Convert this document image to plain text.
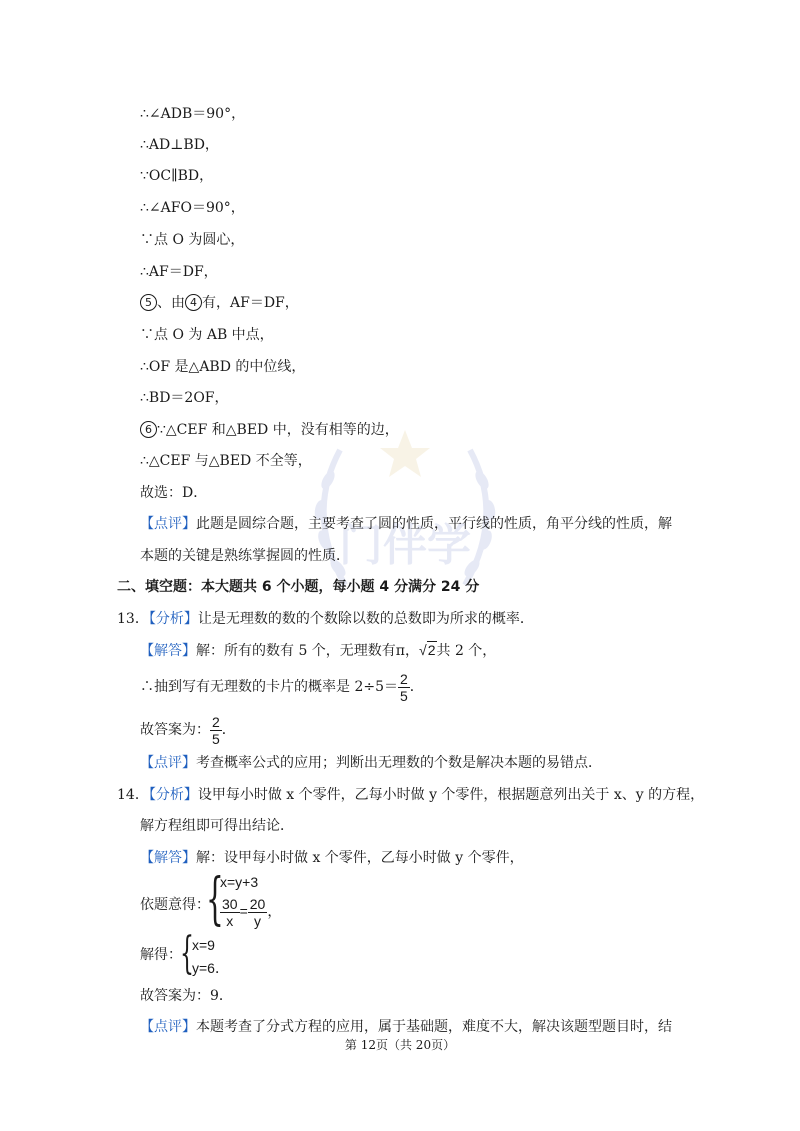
门伴学
∴∠ADB＝90°，
∴AD⊥BD，
∵OC∥BD，
∴∠AFO＝90°，
∵点 O 为圆心，
∴AF＝DF，
5 、由 4 有，AF＝DF，
∵点 O 为 AB 中点，
∴OF 是△ABD 的中位线，
∴BD＝2OF，
6 ∵△CEF 和△BED 中，没有相等的边，
∴△CEF 与△BED 不全等，
故选：D．
【点评】此题是圆综合题，主要考查了圆的性质，平行线的性质，角平分线的性质，解
本题的关键是熟练掌握圆的性质．
二、填空题：本大题共 6 个小题，每小题 4 分满分 24 分
13．【分析】让是无理数的数的个数除以数的总数即为所求的概率．
【解答】解：所有的数有 5 个，无理数有π，√2共 2 个，
∴抽到写有无理数的卡片的概率是 $2\div 5= \frac{2}{5}$ ．
故答案为： $\frac{2}{5}$ ．
【点评】考查概率公式的应用；判断出无理数的个数是解决本题的易错点．
14．【分析】设甲每小时做 x 个零件，乙每小时做 y 个零件，根据题意列出关于 x、y 的方程，
解方程组即可得出结论．
【解答】解：设甲每小时做 x 个零件，乙每小时做 y 个零件，
依题意得：
{
x=y+3
$\frac{30}{x} = \frac{20}{y}$ ，
解得：
{
x=9
y=6．
故答案为：9．
【点评】本题考查了分式方程的应用，属于基础题，难度不大，解决该题型题目时，结
第 12页（共 20页）
